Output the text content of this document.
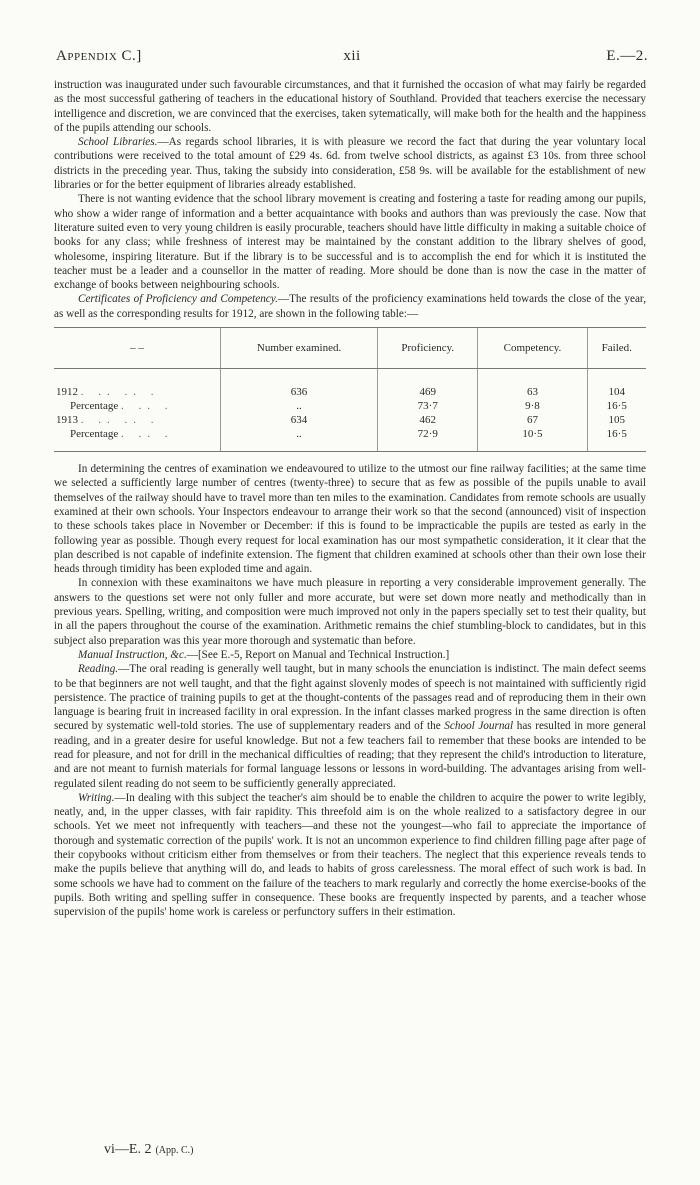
Appendix C.]	xii	E.—2.

instruction was inaugurated under such favourable circumstances, and that it furnished the occasion of what may fairly be regarded as the most successful gathering of teachers in the educational history of Southland. Provided that teachers exercise the necessary intelligence and discretion, we are convinced that the exercises, taken sytematically, will make both for the health and the happiness of the pupils attending our schools.

School Libraries.—As regards school libraries, it is with pleasure we record the fact that during the year voluntary local contributions were received to the total amount of £29 4s. 6d. from twelve school districts, as against £3 10s. from three school districts in the preceding year. Thus, taking the subsidy into consideration, £58 9s. will be available for the establishment of new libraries or for the better equipment of libraries already established.

There is not wanting evidence that the school library movement is creating and fostering a taste for reading among our pupils, who show a wider range of information and a better acquaintance with books and authors than was previously the case. Now that literature suited even to very young children is easily procurable, teachers should have little difficulty in making a suitable choice of books for any class; while freshness of interest may be maintained by the constant addition to the library shelves of good, wholesome, inspiring literature. But if the library is to be successful and is to accomplish the end for which it is instituted the teacher must be a leader and a counsellor in the matter of reading. More should be done than is now the case in the matter of exchange of books between neighbouring schools.

Certificates of Proficiency and Competency.—The results of the proficiency examinations held towards the close of the year, as well as the corresponding results for 1912, are shown in the following table:—

– –	Number examined.	Proficiency.	Competency.	Failed.
1912 . .. .. .	636	469	63	104
Percentage . .. .	..	73·7	9·8	16·5
1913 . .. .. .	634	462	67	105
Percentage . .. .	..	72·9	10·5	16·5

In determining the centres of examination we endeavoured to utilize to the utmost our fine railway facilities; at the same time we selected a sufficiently large number of centres (twenty-three) to secure that as few as possible of the pupils unable to avail themselves of the railway should have to travel more than ten miles to the examination. Candidates from remote schools are usually examined at their own schools. Your Inspectors endeavour to arrange their work so that the second (announced) visit of inspection to these schools takes place in November or December: if this is found to be impracticable the pupils are tested as early in the following year as possible. Though every request for local examination has our most sympathetic consideration, it it clear that the plan described is not capable of indefinite extension. The figment that children examined at schools other than their own lose their heads through timidity has been exploded time and again.

In connexion with these examinaitons we have much pleasure in reporting a very considerable improvement generally. The answers to the questions set were not only fuller and more accurate, but were set down more neatly and methodically than in previous years. Spelling, writing, and composition were much improved not only in the papers specially set to test their quality, but in all the papers throughout the course of the examination. Arithmetic remains the chief stumbling-block to candidates, but in this subject also preparation was this year more thorough and systematic than before.

Manual Instruction, &c.—[See E.-5, Report on Manual and Technical Instruction.]

Reading.—The oral reading is generally well taught, but in many schools the enunciation is indistinct. The main defect seems to be that beginners are not well taught, and that the fight against slovenly modes of speech is not maintained with sufficiently rigid persistence. The practice of training pupils to get at the thought-contents of the passages read and of reproducing them in their own language is bearing fruit in increased facility in oral expression. In the infant classes marked progress in the same direction is often secured by systematic well-told stories. The use of supplementary readers and of the School Journal has resulted in more general reading, and in a greater desire for useful knowledge. But not a few teachers fail to remember that these books are intended to be read for pleasure, and not for drill in the mechanical difficulties of reading; that they represent the child's introduction to literature, and are not meant to furnish materials for formal language lessons or lessons in word-building. The advantages arising from well-regulated silent reading do not seem to be sufficiently generally appreciated.

Writing.—In dealing with this subject the teacher's aim should be to enable the children to acquire the power to write legibly, neatly, and, in the upper classes, with fair rapidity. This threefold aim is on the whole realized to a satisfactory degree in our schools. Yet we meet not infrequently with teachers—and these not the youngest—who fail to appreciate the importance of thorough and systematic correction of the pupils' work. It is not an uncommon experience to find children filling page after page of their copybooks without criticism either from themselves or from their teachers. The neglect that this experience reveals tends to make the pupils believe that anything will do, and leads to habits of gross carelessness. The moral effect of such work is bad. In some schools we have had to comment on the failure of the teachers to mark regularly and correctly the home exercise-books of the pupils. Both writing and spelling suffer in consequence. These books are frequently inspected by parents, and a teacher whose supervision of the pupils' home work is careless or perfunctory suffers in their estimation.

vi—E. 2 (App. C.)
